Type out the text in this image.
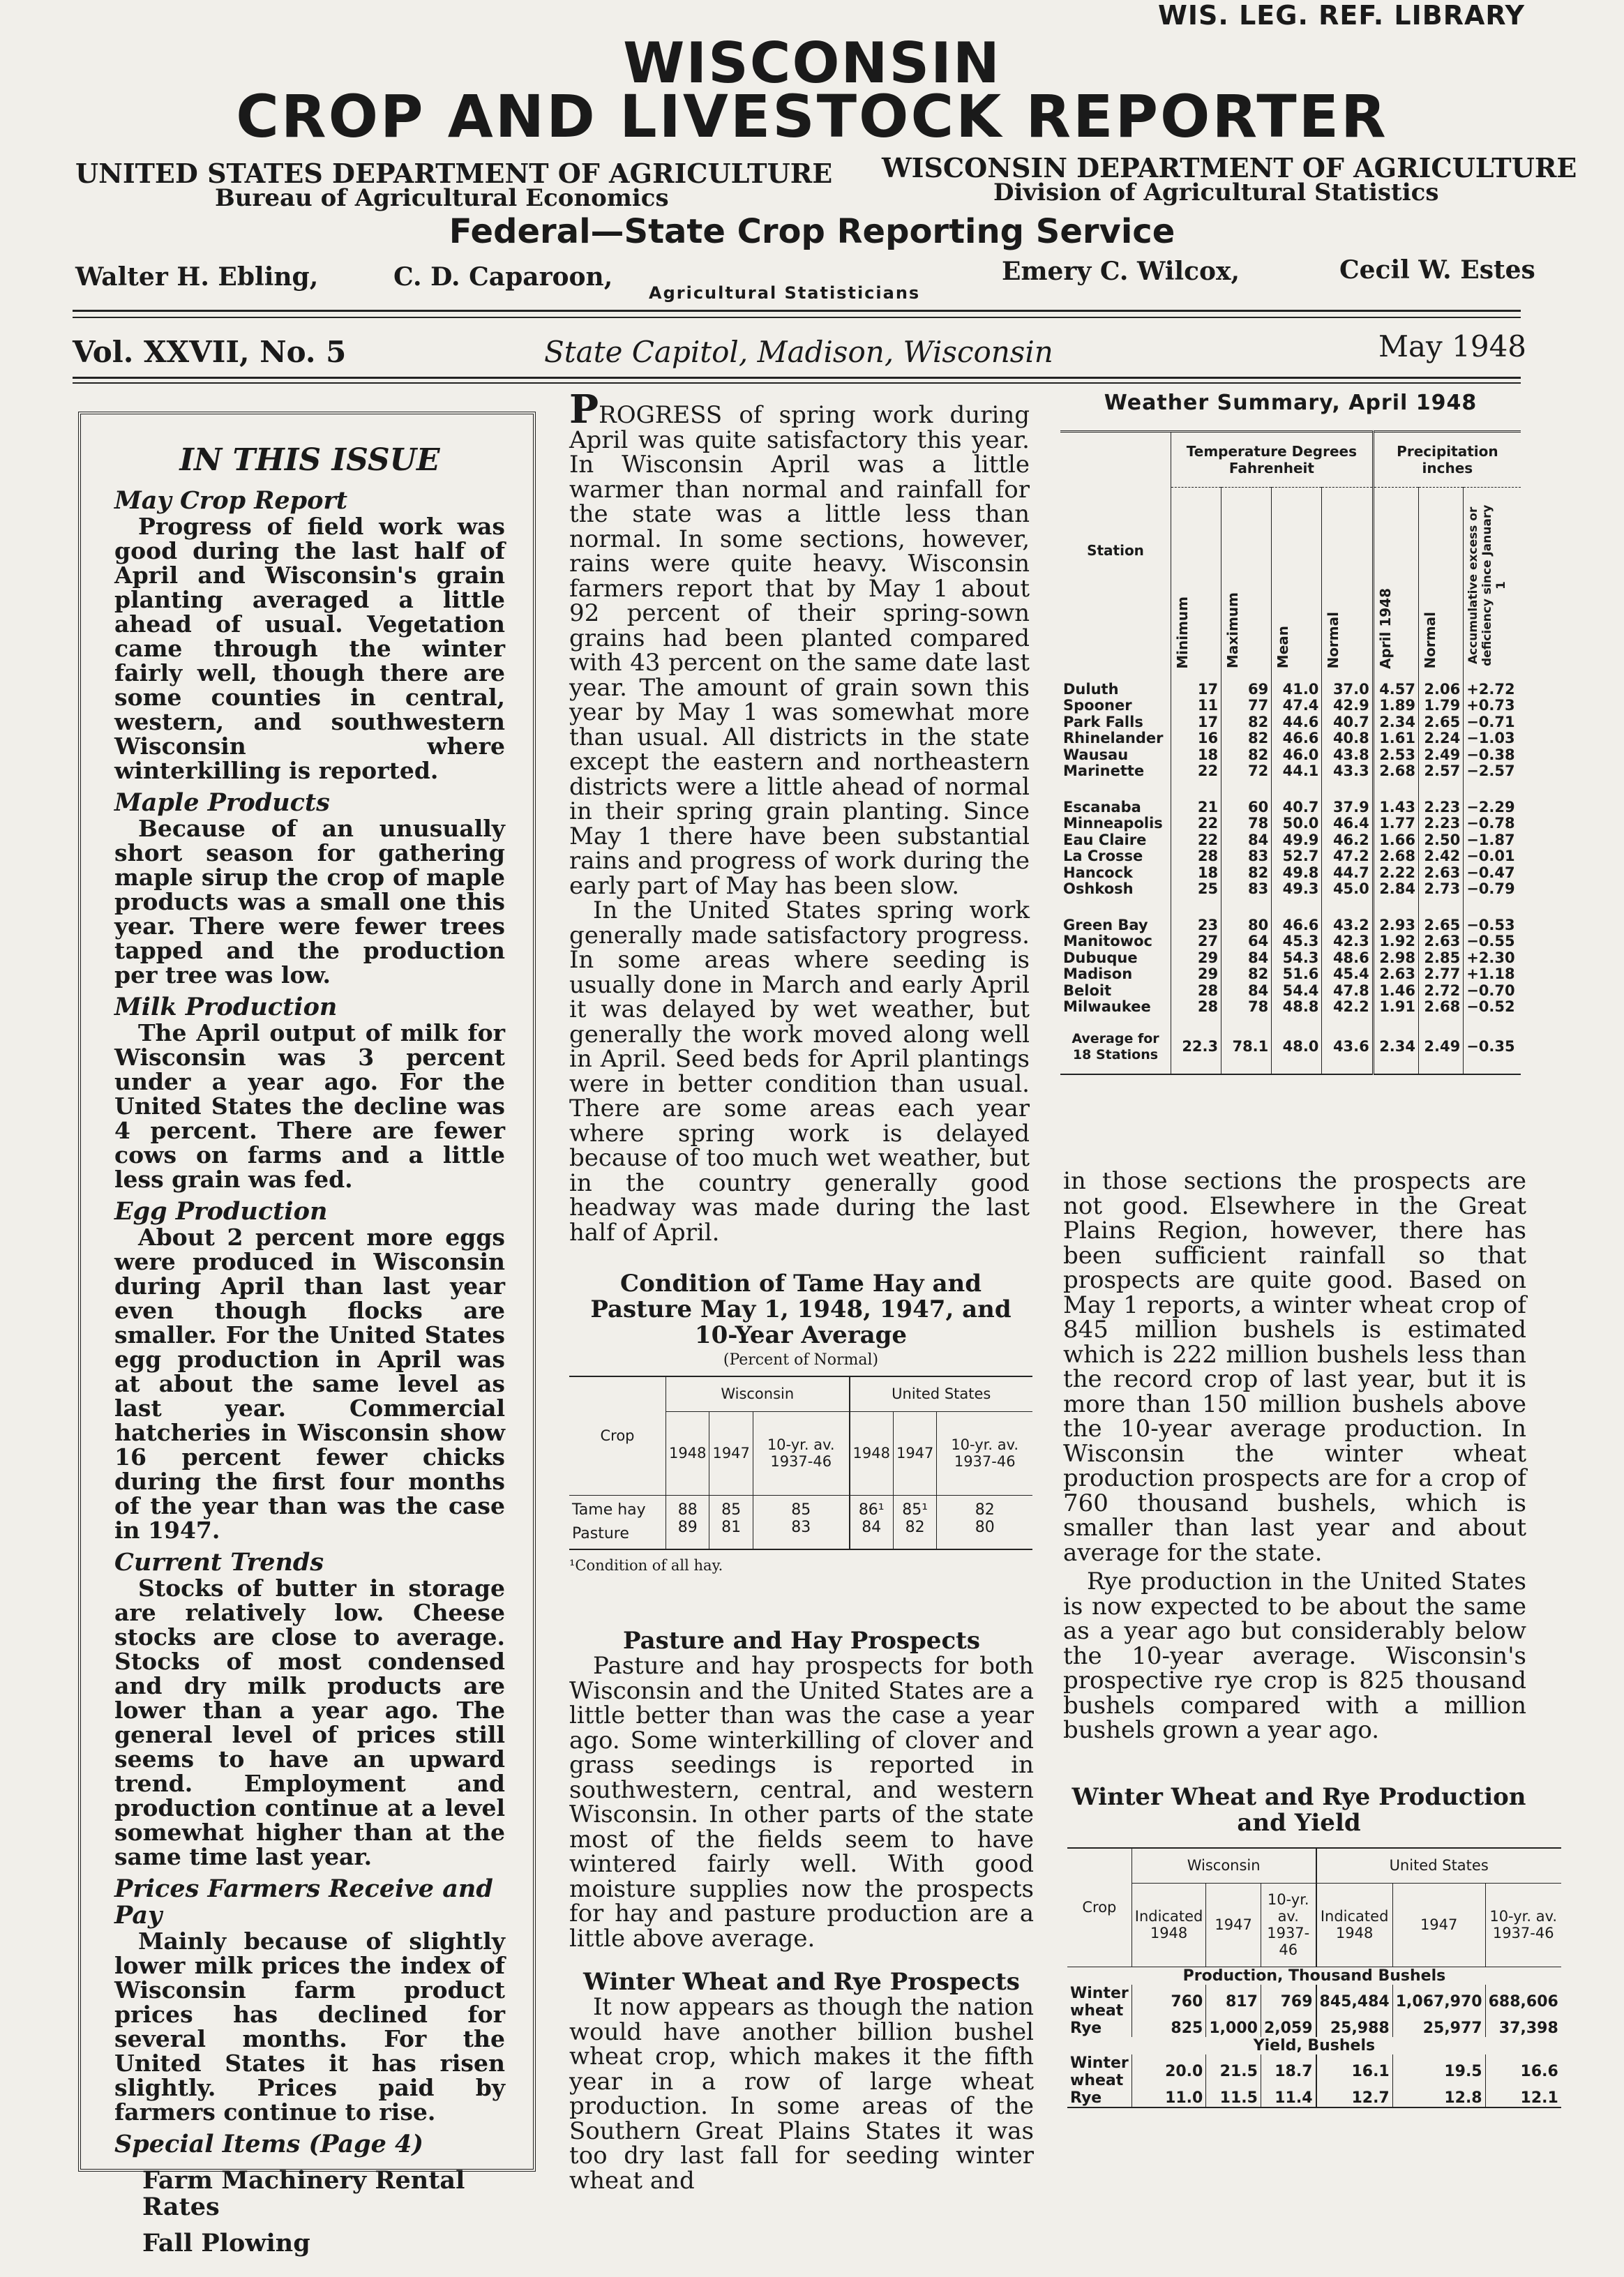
WIS. LEG. REF. LIBRARY
WISCONSIN
CROP AND LIVESTOCK REPORTER
UNITED STATES DEPARTMENT OF AGRICULTURE
Bureau of Agricultural Economics
WISCONSIN DEPARTMENT OF AGRICULTURE
Division of Agricultural Statistics
Federal—State Crop Reporting Service
Walter H. Ebling,	C. D. Caparoon,	Emery C. Wilcox,	Cecil W. Estes
Agricultural Statisticians
Vol. XXVII, No. 5	State Capitol, Madison, Wisconsin	May 1948
IN THIS ISSUE
May Crop Report

Progress of field work was good during the last half of April and Wisconsin's grain planting averaged a little ahead of usual. Vegetation came through the winter fairly well, though there are some counties in central, western, and southwestern Wisconsin where winterkilling is reported.

Maple Products

Because of an unusually short season for gathering maple sirup the crop of maple products was a small one this year. There were fewer trees tapped and the production per tree was low.

Milk Production

The April output of milk for Wisconsin was 3 percent under a year ago. For the United States the decline was 4 percent. There are fewer cows on farms and a little less grain was fed.

Egg Production

About 2 percent more eggs were produced in Wisconsin during April than last year even though flocks are smaller. For the United States egg production in April was at about the same level as last year. Commercial hatcheries in Wisconsin show 16 percent fewer chicks during the first four months of the year than was the case in 1947.

Current Trends

Stocks of butter in storage are relatively low. Cheese stocks are close to average. Stocks of most condensed and dry milk products are lower than a year ago. The general level of prices still seems to have an upward trend. Employment and production continue at a level somewhat higher than at the same time last year.

Prices Farmers Receive and Pay

Mainly because of slightly lower milk prices the index of Wisconsin farm product prices has declined for several months. For the United States it has risen slightly. Prices paid by farmers continue to rise.

Special Items (Page 4)
Farm Machinery Rental Rates
Fall Plowing

PROGRESS of spring work during April was quite satisfactory this year. In Wisconsin April was a little warmer than normal and rainfall for the state was a little less than normal. In some sections, however, rains were quite heavy. Wisconsin farmers report that by May 1 about 92 percent of their spring-sown grains had been planted compared with 43 percent on the same date last year. The amount of grain sown this year by May 1 was somewhat more than usual. All districts in the state except the eastern and northeastern districts were a little ahead of normal in their spring grain planting. Since May 1 there have been substantial rains and progress of work during the early part of May has been slow.

In the United States spring work generally made satisfactory progress. In some areas where seeding is usually done in March and early April it was delayed by wet weather, but generally the work moved along well in April. Seed beds for April plantings were in better condition than usual. There are some areas each year where spring work is delayed because of too much wet weather, but in the country generally good headway was made during the last half of April.

Condition of Tame Hay and Pasture May 1, 1948, 1947, and 10-Year Average
(Percent of Normal)
Crop	Wisconsin			United States		
	1948	1947	10-yr. av. 1937-46	1948	1947	10-yr. av. 1937-46
Tame hay	88	85	85	86¹	85¹	82
Pasture	89	81	83	84	82	80
¹Condition of all hay.
Pasture and Hay Prospects

Pasture and hay prospects for both Wisconsin and the United States are a little better than was the case a year ago. Some winterkilling of clover and grass seedings is reported in southwestern, central, and western Wisconsin. In other parts of the state most of the fields seem to have wintered fairly well. With good moisture supplies now the prospects for hay and pasture production are a little above average.

Winter Wheat and Rye Prospects

It now appears as though the nation would have another billion bushel wheat crop, which makes it the fifth year in a row of large wheat production. In some areas of the Southern Great Plains States it was too dry last fall for seeding winter wheat and

Weather Summary, April 1948
Station	Temperature Degrees Fahrenheit				Precipitation inches		

	Minimum	Maximum	Mean	Normal	April 1948	Normal	Accumulative excess or deficiency since January 1

Duluth	17	69	41.0	37.0	4.57	2.06	+2.72
Spooner	11	77	47.4	42.9	1.89	1.79	+0.73
Park Falls	17	82	44.6	40.7	2.34	2.65	−0.71
Rhinelander	16	82	46.6	40.8	1.61	2.24	−1.03
Wausau	18	82	46.0	43.8	2.53	2.49	−0.38
Marinette	22	72	44.1	43.3	2.68	2.57	−2.57
Escanaba	21	60	40.7	37.9	1.43	2.23	−2.29
Minneapolis	22	78	50.0	46.4	1.77	2.23	−0.78
Eau Claire	22	84	49.9	46.2	1.66	2.50	−1.87
La Crosse	28	83	52.7	47.2	2.68	2.42	−0.01
Hancock	18	82	49.8	44.7	2.22	2.63	−0.47
Oshkosh	25	83	49.3	45.0	2.84	2.73	−0.79
Green Bay	23	80	46.6	43.2	2.93	2.65	−0.53
Manitowoc	27	64	45.3	42.3	1.92	2.63	−0.55
Dubuque	29	84	54.3	48.6	2.98	2.85	+2.30
Madison	29	82	51.6	45.4	2.63	2.77	+1.18
Beloit	28	84	54.4	47.8	1.46	2.72	−0.70
Milwaukee	28	78	48.8	42.2	1.91	2.68	−0.52
Average for 18 Stations	22.3	78.1	48.0	43.6	2.34	2.49	−0.35

in those sections the prospects are not good. Elsewhere in the Great Plains Region, however, there has been sufficient rainfall so that prospects are quite good. Based on May 1 reports, a winter wheat crop of 845 million bushels is estimated which is 222 million bushels less than the record crop of last year, but it is more than 150 million bushels above the 10-year average production. In Wisconsin the winter wheat production prospects are for a crop of 760 thousand bushels, which is smaller than last year and about average for the state.

Rye production in the United States is now expected to be about the same as a year ago but considerably below the 10-year average. Wisconsin's prospective rye crop is 825 thousand bushels compared with a million bushels grown a year ago.

Winter Wheat and Rye Production and Yield
Crop	Wisconsin			United States		
	Indicated 1948	1947	10-yr. av. 1937-46	Indicated 1948	1947	10-yr. av. 1937-46
Production, Thousand Bushels						
Winter wheat	760	817	769	845,484	1,067,970	688,606
Rye	825	1,000	2,059	25,988	25,977	37,398
Yield, Bushels						
Winter wheat	20.0	21.5	18.7	16.1	19.5	16.6
Rye	11.0	11.5	11.4	12.7	12.8	12.1
